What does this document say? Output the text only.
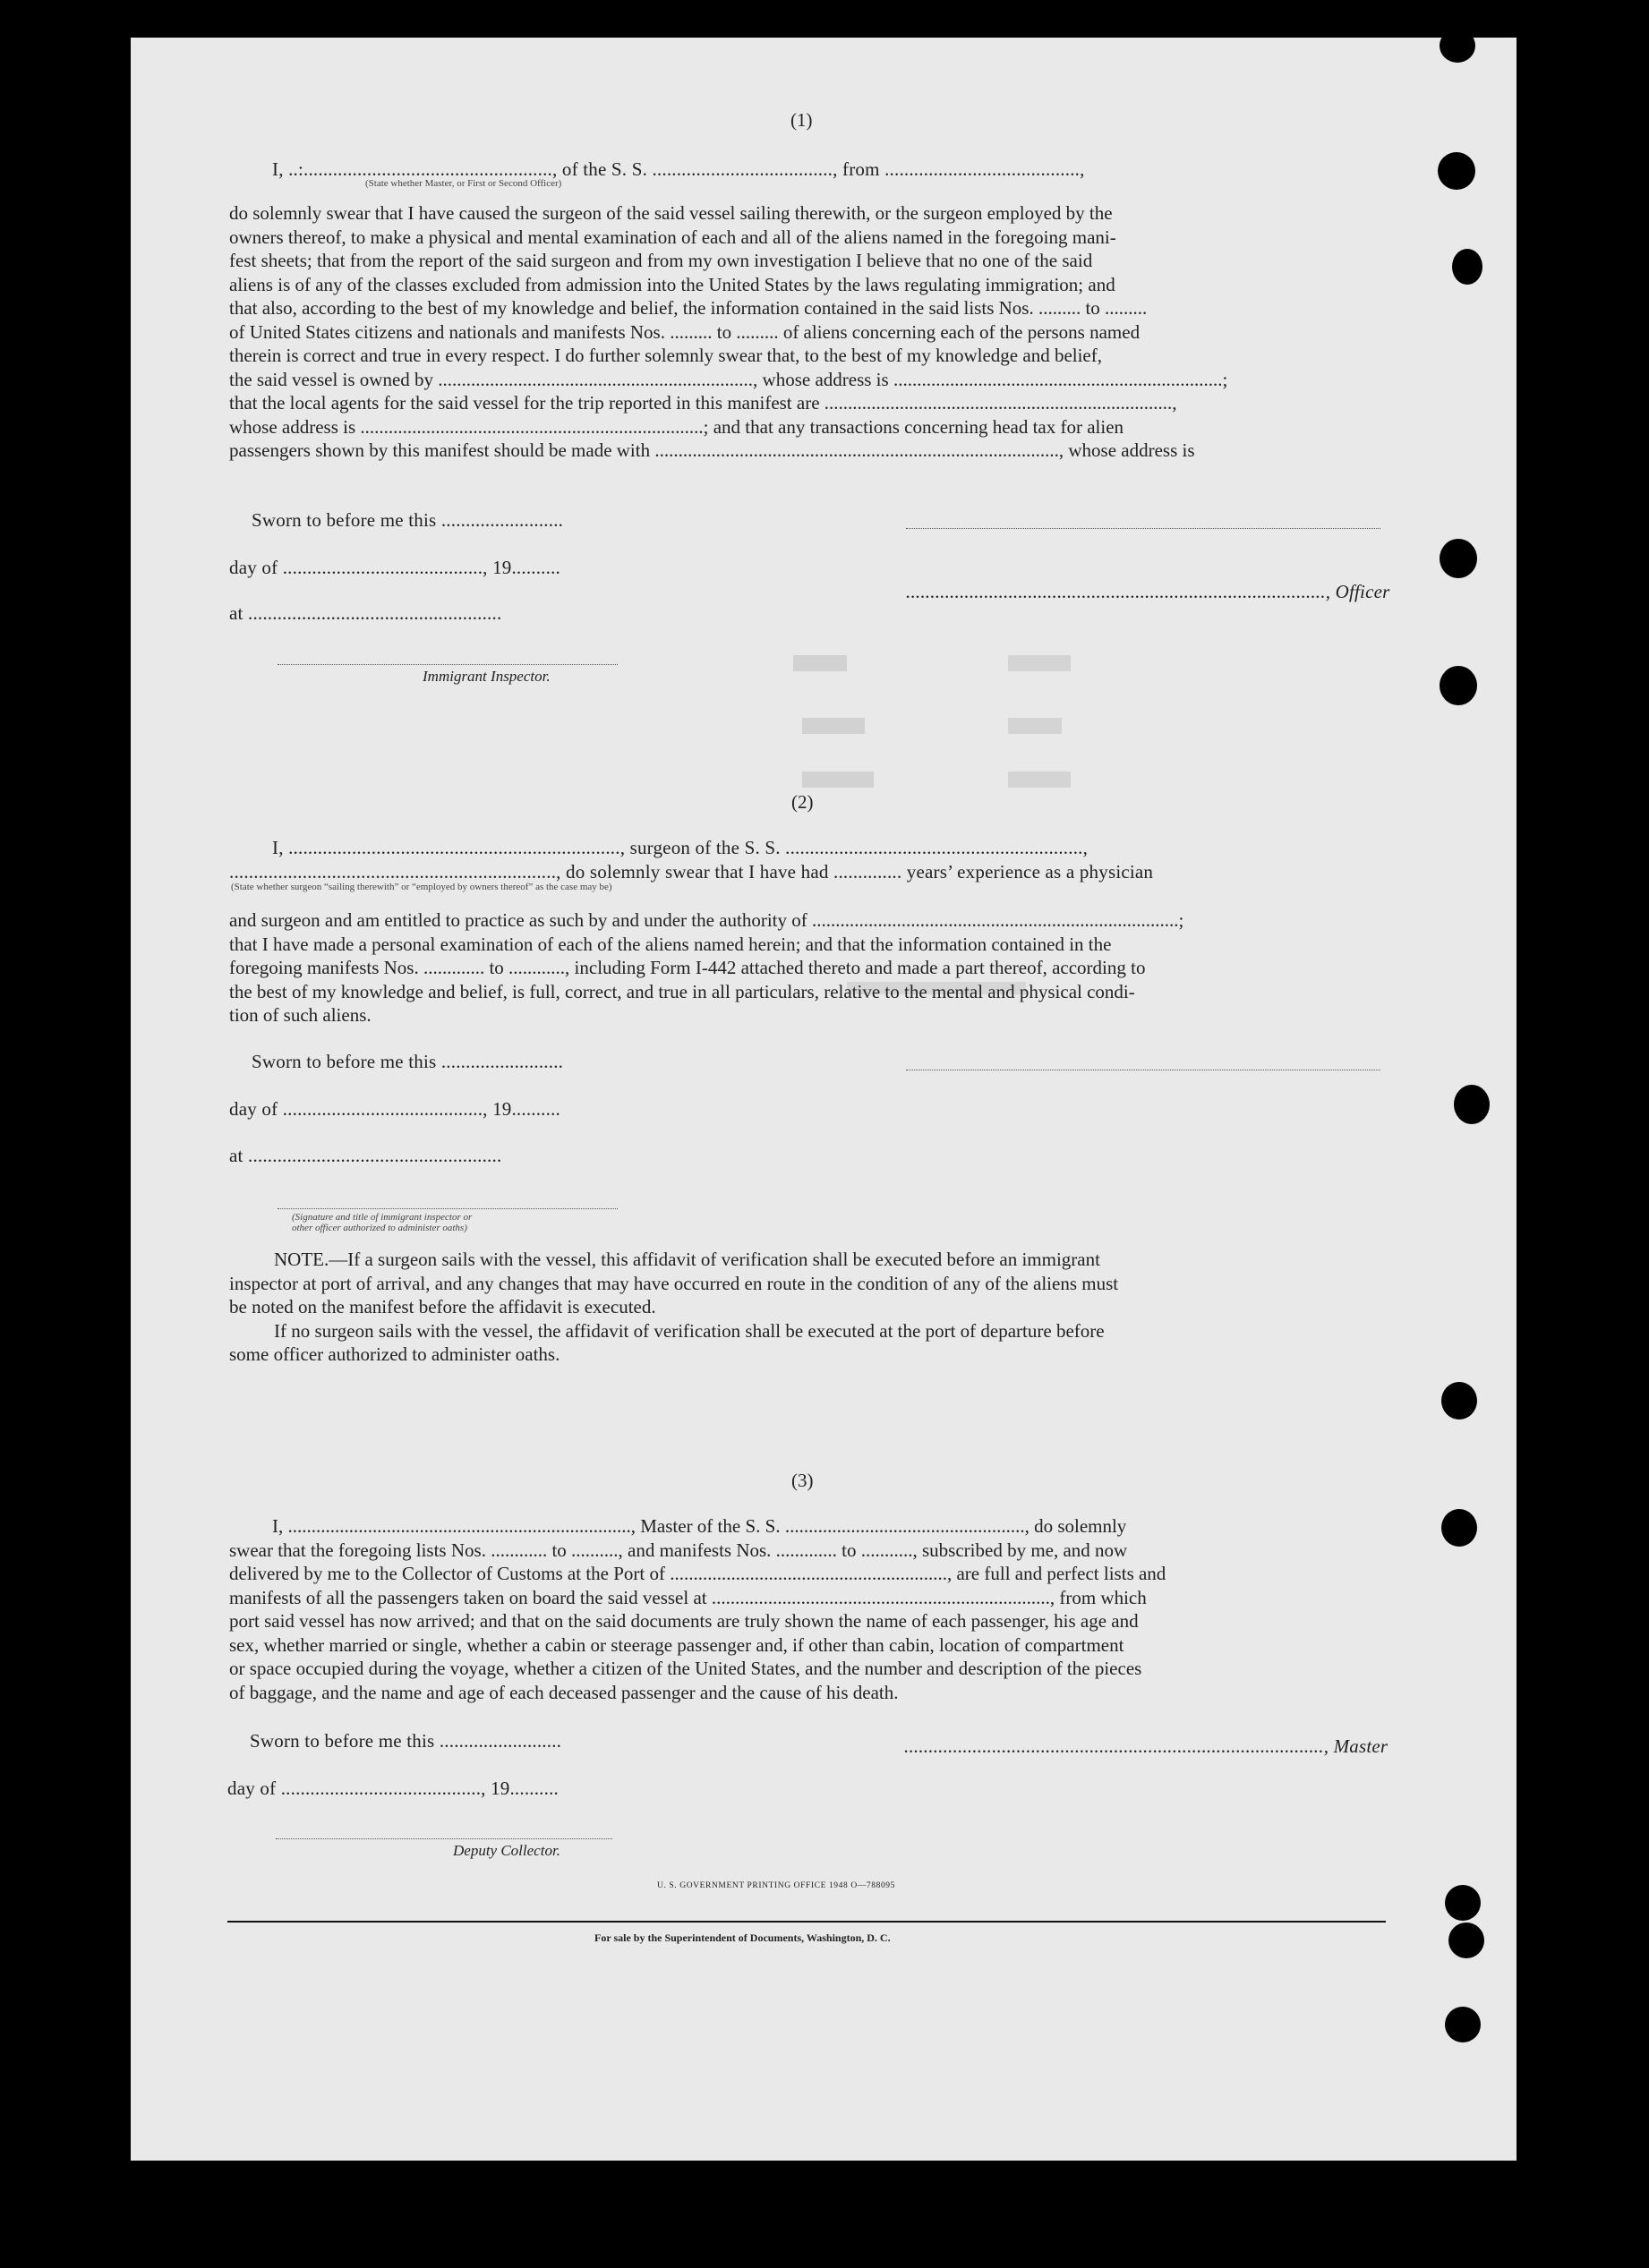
(1)
I, ..:..................................................., of the S. S. ....................................., from ........................................,
(State whether Master, or First or Second Officer)

do solemnly swear that I have caused the surgeon of the said vessel sailing therewith, or the surgeon employed by the

owners thereof, to make a physical and mental examination of each and all of the aliens named in the foregoing mani-

fest sheets; that from the report of the said surgeon and from my own investigation I believe that no one of the said

aliens is of any of the classes excluded from admission into the United States by the laws regulating immigration; and

that also, according to the best of my knowledge and belief, the information contained in the said lists Nos. ......... to .........

of United States citizens and nationals and manifests Nos. ......... to ......... of aliens concerning each of the persons named

therein is correct and true in every respect. I do further solemnly swear that, to the best of my knowledge and belief,

the said vessel is owned by ..................................................................., whose address is ......................................................................;

that the local agents for the said vessel for the trip reported in this manifest are ..........................................................................,

whose address is .........................................................................; and that any transactions concerning head tax for alien

passengers shown by this manifest should be made with ......................................................................................, whose address is

Sworn to before me this .........................
day of ........................................., 19..........
......................................................................................, Officer
at ....................................................
Immigrant Inspector.
(2)
I, ...................................................................., surgeon of the S. S. .............................................................,
..................................................................., do solemnly swear that I have had .............. years’ experience as a physician
(State whether surgeon “sailing therewith” or “employed by owners thereof” as the case may be)

and surgeon and am entitled to practice as such by and under the authority of ..............................................................................;

that I have made a personal examination of each of the aliens named herein; and that the information contained in the

foregoing manifests Nos. ............. to ............, including Form I-442 attached thereto and made a part thereof, according to

the best of my knowledge and belief, is full, correct, and true in all particulars, relative to the mental and physical condi-

tion of such aliens.

Sworn to before me this .........................
day of ........................................., 19..........
at ....................................................
(Signature and title of immigrant inspector or
other officer authorized to administer oaths)

NOTE.—If a surgeon sails with the vessel, this affidavit of verification shall be executed before an immigrant

inspector at port of arrival, and any changes that may have occurred en route in the condition of any of the aliens must

be noted on the manifest before the affidavit is executed.

If no surgeon sails with the vessel, the affidavit of verification shall be executed at the port of departure before

some officer authorized to administer oaths.

(3)

I, ........................................................................., Master of the S. S. ..................................................., do solemnly

swear that the foregoing lists Nos. ............ to .........., and manifests Nos. ............. to ..........., subscribed by me, and now

delivered by me to the Collector of Customs at the Port of ..........................................................., are full and perfect lists and

manifests of all the passengers taken on board the said vessel at ........................................................................, from which

port said vessel has now arrived; and that on the said documents are truly shown the name of each passenger, his age and

sex, whether married or single, whether a cabin or steerage passenger and, if other than cabin, location of compartment

or space occupied during the voyage, whether a citizen of the United States, and the number and description of the pieces

of baggage, and the name and age of each deceased passenger and the cause of his death.

Sworn to before me this .........................	......................................................................................, Master
day of ........................................., 19..........
Deputy Collector.
U. S. GOVERNMENT PRINTING OFFICE 1948 O—788095
For sale by the Superintendent of Documents, Washington, D. C.
